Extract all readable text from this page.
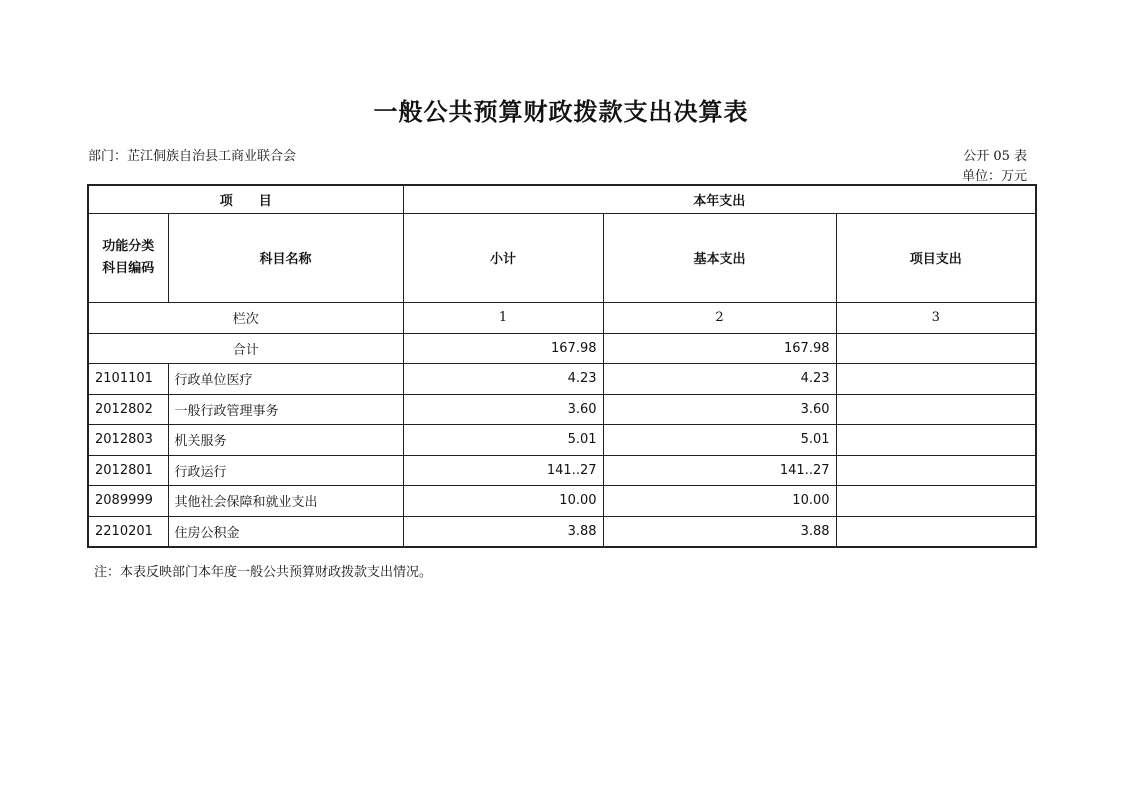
一般公共预算财政拨款支出决算表
部门：芷江侗族自治县工商业联合会	公开 05 表
单位：万元
项　　目		本年支出		
功能分类
科目编码	科目名称	小计	基本支出	项目支出
栏次		1	2	3
合计		167.98	167.98	
2101101	行政单位医疗	4.23	4.23	
2012802	一般行政管理事务	3.60	3.60	
2012803	机关服务	5.01	5.01	
2012801	行政运行	141..27	141..27	
2089999	其他社会保障和就业支出	10.00	10.00	
2210201	住房公积金	3.88	3.88	
注：本表反映部门本年度一般公共预算财政拨款支出情况。
